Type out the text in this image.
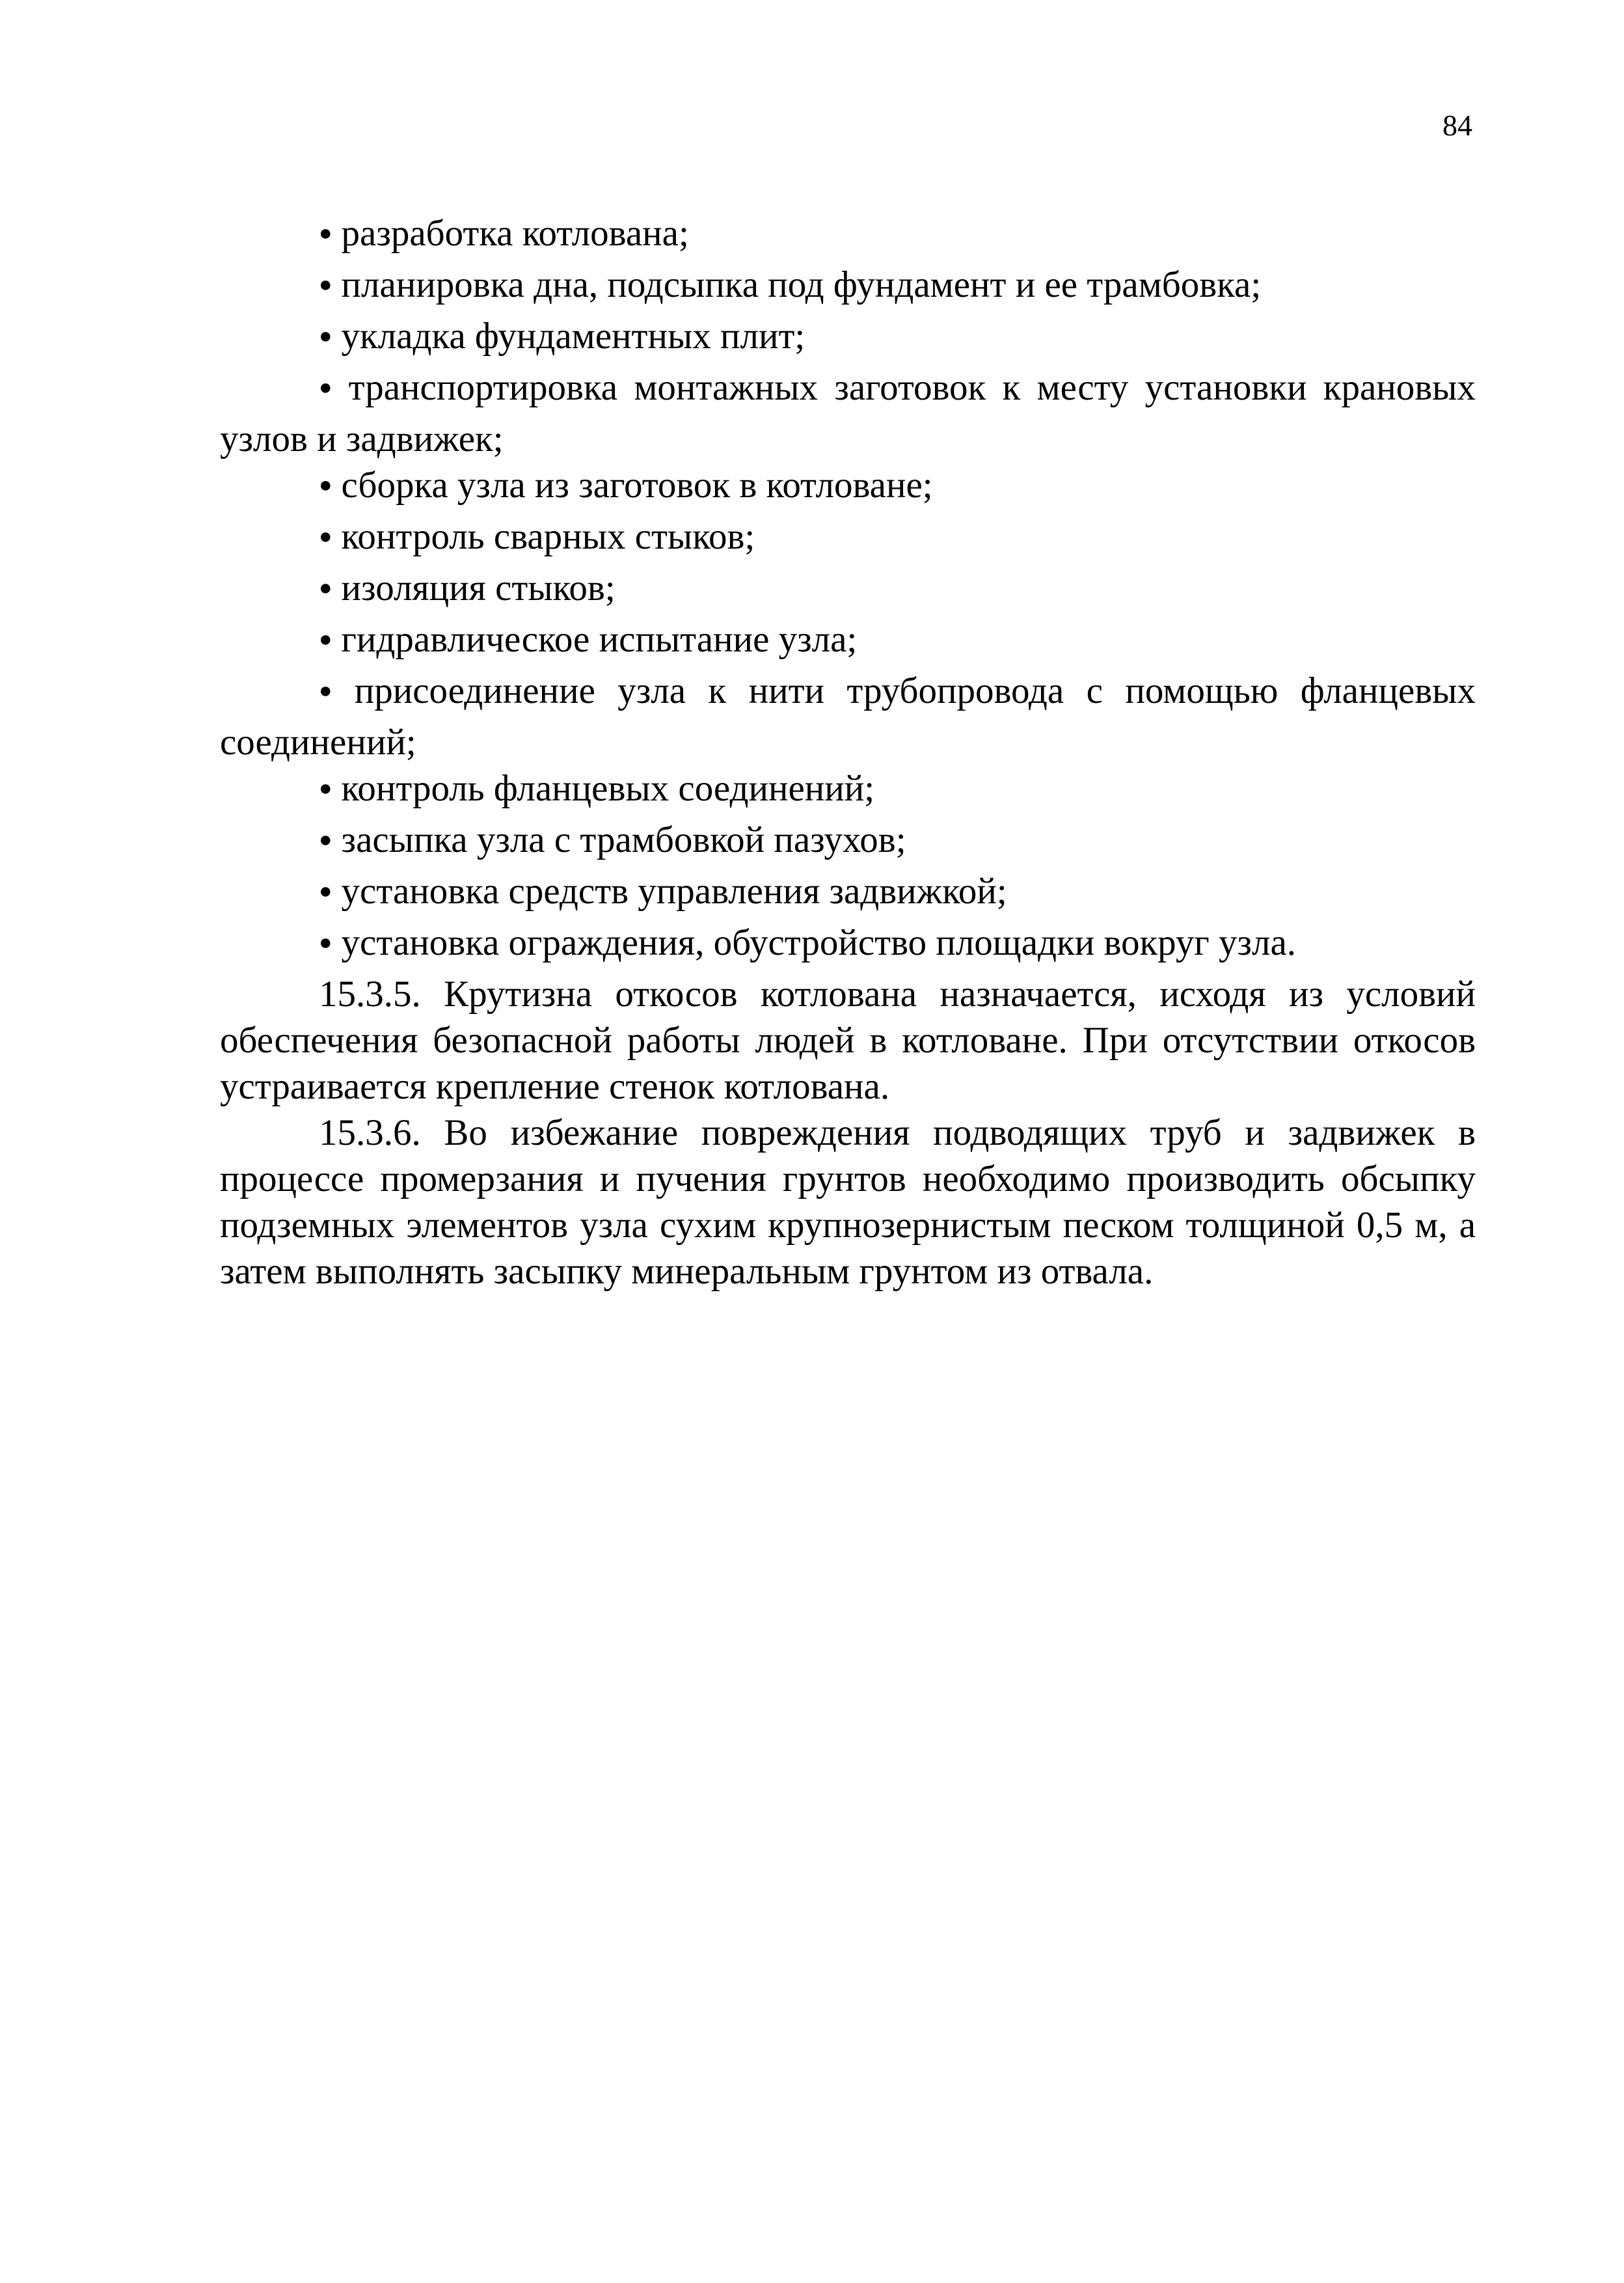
84

● разработка котлована;

● планировка дна, подсыпка под фундамент и ее трамбовка;

● укладка фундаментных плит;

● транспортировка монтажных заготовок к месту установки крановых узлов и задвижек;

● сборка узла из заготовок в котловане;

● контроль сварных стыков;

● изоляция стыков;

● гидравлическое испытание узла;

● присоединение узла к нити трубопровода с помощью фланцевых соединений;

● контроль фланцевых соединений;

● засыпка узла с трамбовкой пазухов;

● установка средств управления задвижкой;

● установка ограждения, обустройство площадки вокруг узла.

15.3.5. Крутизна откосов котлована назначается, исходя из условий обеспечения безопасной работы людей в котловане. При отсутствии откосов устраивается крепление стенок котлована.

15.3.6. Во избежание повреждения подводящих труб и задвижек в процессе промерзания и пучения грунтов необходимо производить обсыпку подземных элементов узла сухим крупнозернистым песком толщиной 0,5 м, а затем выполнять засыпку минеральным грунтом из отвала.
